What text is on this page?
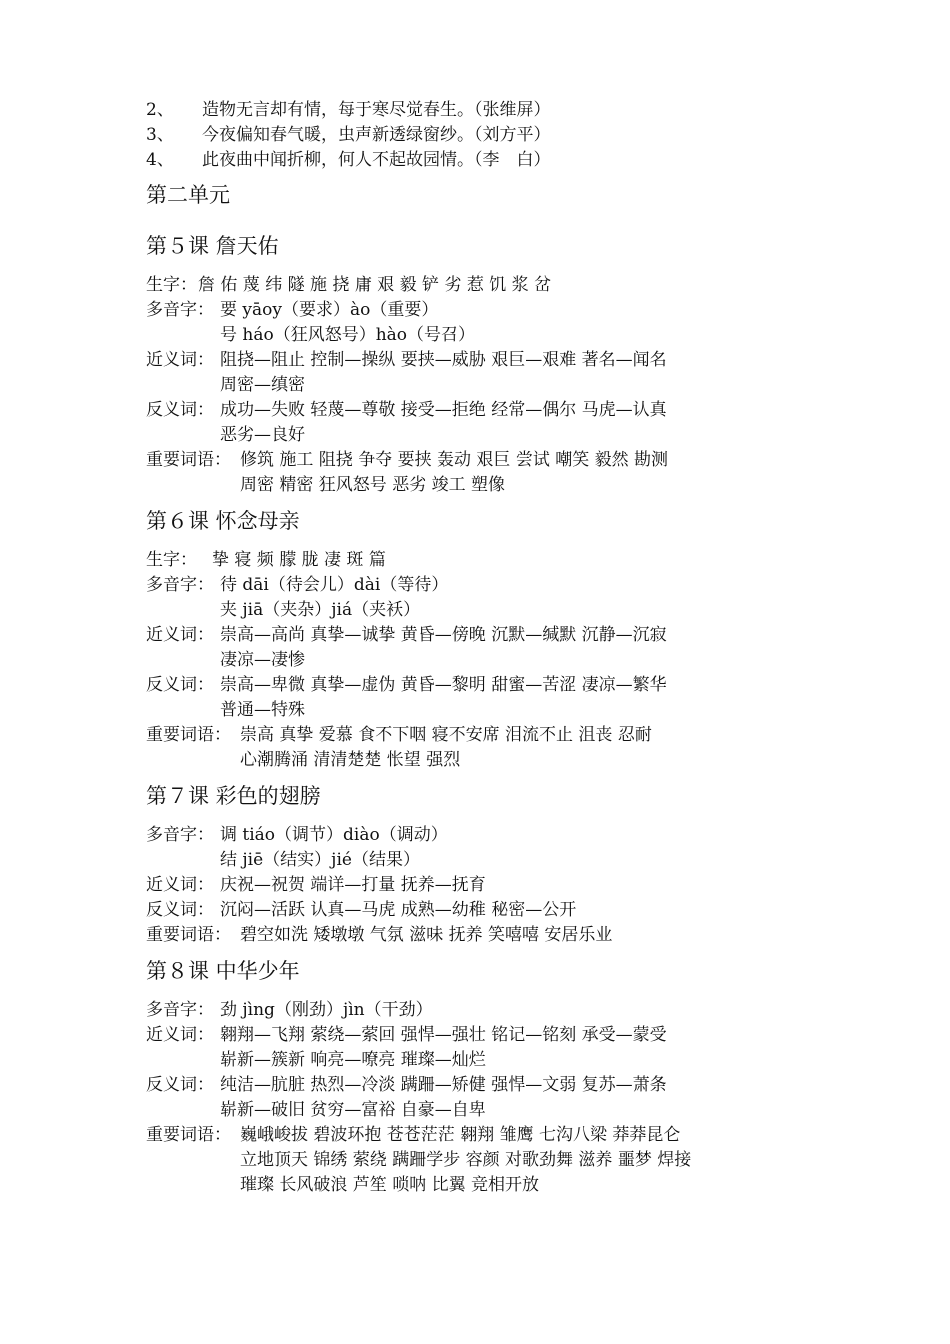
2、 造物无言却有情，每于寒尽觉春生。（张维屏）
3、 今夜偏知春气暖，虫声新透绿窗纱。（刘方平）
4、 此夜曲中闻折柳，何人不起故园情。（李　白）
第二单元
第５课 詹天佑
生字： 詹 佑 蔑 纬 隧 施 挠 庸 艰 毅 铲 劣 惹 饥 浆 岔
多音字： 要 yāoy（要求）ào（重要）
号 háo（狂风怒号）hào（号召）
近义词： 阻挠—阻止 控制—操纵 要挟—威胁 艰巨—艰难 著名—闻名
周密—缜密
反义词： 成功—失败 轻蔑—尊敬 接受—拒绝 经常—偶尔 马虎—认真
恶劣—良好
重要词语： 修筑 施工 阻挠 争夺 要挟 轰动 艰巨 尝试 嘲笑 毅然 勘测
周密 精密 狂风怒号 恶劣 竣工 塑像
第６课 怀念母亲
生字： 挚 寝 频 朦 胧 凄 斑 篇
多音字： 待 dāi（待会儿）dài（等待）
夹 jiā（夹杂）jiá（夹袄）
近义词： 崇高—高尚 真挚—诚挚 黄昏—傍晚 沉默—缄默 沉静—沉寂
凄凉—凄惨
反义词： 崇高—卑微 真挚—虚伪 黄昏—黎明 甜蜜—苦涩 凄凉—繁华
普通—特殊
重要词语： 崇高 真挚 爱慕 食不下咽 寝不安席 泪流不止 沮丧 忍耐
心潮腾涌 清清楚楚 怅望 强烈
第７课 彩色的翅膀
多音字： 调 tiáo（调节）diào（调动）
结 jiē（结实）jié（结果）
近义词： 庆祝—祝贺 端详—打量 抚养—抚育
反义词： 沉闷—活跃 认真—马虎 成熟—幼稚 秘密—公开
重要词语： 碧空如洗 矮墩墩 气氛 滋味 抚养 笑嘻嘻 安居乐业
第８课 中华少年
多音字： 劲 jìng（刚劲）jìn（干劲）
近义词： 翱翔—飞翔 萦绕—萦回 强悍—强壮 铭记—铭刻 承受—蒙受
崭新—簇新 响亮—嘹亮 璀璨—灿烂
反义词： 纯洁—肮脏 热烈—冷淡 蹒跚—矫健 强悍—文弱 复苏—萧条
崭新—破旧 贫穷—富裕 自豪—自卑
重要词语： 巍峨峻拔 碧波环抱 苍苍茫茫 翱翔 雏鹰 七沟八梁 莽莽昆仑
立地顶天 锦绣 萦绕 蹒跚学步 容颜 对歌劲舞 滋养 噩梦 焊接
璀璨 长风破浪 芦笙 唢呐 比翼 竞相开放
